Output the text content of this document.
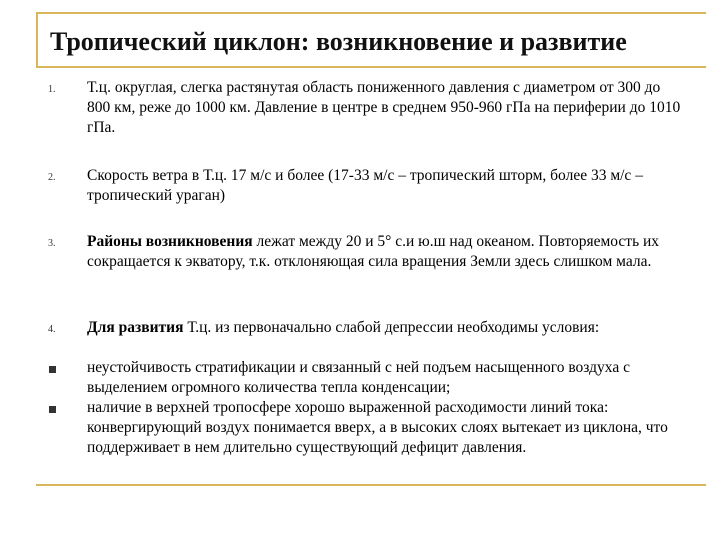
Тропический циклон: возникновение и развитие
1. Т.ц. округлая, слегка растянутая область пониженного давления с диаметром от 300 до 800 км, реже до 1000 км. Давление в центре в среднем 950-960 гПа на периферии до 1010 гПа.
2. Скорость ветра в Т.ц. 17 м/с и более (17-33 м/с – тропический шторм, более 33 м/с – тропический ураган)
3. Районы возникновения лежат между 20 и 5° с.и ю.ш над океаном. Повторяемость их сокращается к экватору, т.к. отклоняющая сила вращения Земли здесь слишком мала.
4. Для развития Т.ц. из первоначально слабой депрессии необходимы условия:
неустойчивость стратификации и связанный с ней подъем насыщенного воздуха с выделением огромного количества тепла конденсации;
наличие в верхней тропосфере хорошо выраженной расходимости линий тока: конвергирующий воздух понимается вверх, а в высоких слоях вытекает из циклона, что поддерживает в нем длительно существующий дефицит давления.
